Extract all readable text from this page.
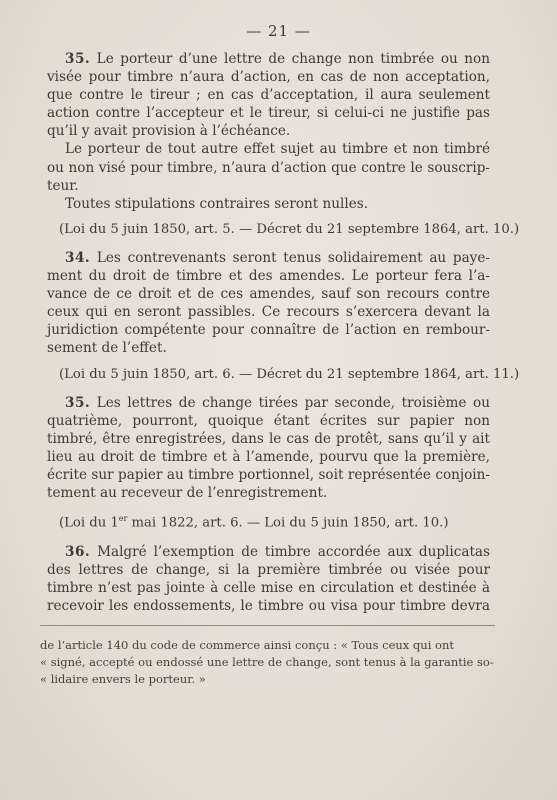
— 21 —

35. Le porteur d’une lettre de change non timbrée ou non
visée pour timbre n’aura d’action, en cas de non acceptation,
que contre le tireur ; en cas d’acceptation, il aura seulement
action contre l’accepteur et le tireur, si celui-ci ne justifie pas
qu’il y avait provision à l’échéance.

Le porteur de tout autre effet sujet au timbre et non timbré
ou non visé pour timbre, n’aura d’action que contre le souscrip-
teur.

Toutes stipulations contraires seront nulles.

(Loi du 5 juin 1850, art. 5. — Décret du 21 septembre 1864, art. 10.)

34. Les contrevenants seront tenus solidairement au paye-
ment du droit de timbre et des amendes. Le porteur fera l’a-
vance de ce droit et de ces amendes, sauf son recours contre
ceux qui en seront passibles. Ce recours s’exercera devant la
juridiction compétente pour connaître de l’action en rembour-
sement de l’effet.

(Loi du 5 juin 1850, art. 6. — Décret du 21 septembre 1864, art. 11.)

35. Les lettres de change tirées par seconde, troisième ou
quatrième, pourront, quoique étant écrites sur papier non
timbré, être enregistrées, dans le cas de protêt, sans qu’il y ait
lieu au droit de timbre et à l’amende, pourvu que la première,
écrite sur papier au timbre portionnel, soit représentée conjoin-
tement au receveur de l’enregistrement.

(Loi du 1er mai 1822, art. 6. — Loi du 5 juin 1850, art. 10.)

36. Malgré l’exemption de timbre accordée aux duplicatas
des lettres de change, si la première timbrée ou visée pour
timbre n’est pas jointe à celle mise en circulation et destinée à
recevoir les endossements, le timbre ou visa pour timbre devra

de l’article 140 du code de commerce ainsi conçu : « Tous ceux qui ont
« signé, accepté ou endossé une lettre de change, sont tenus à la garantie so-
« lidaire envers le porteur. »
